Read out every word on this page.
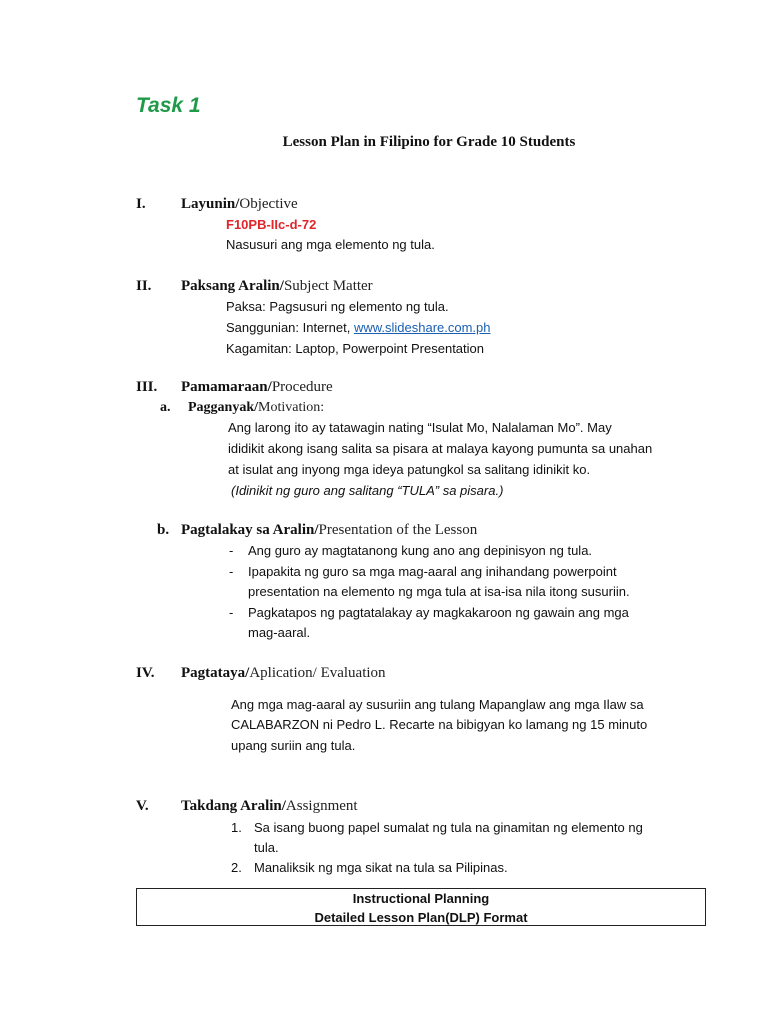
Task 1
Lesson Plan in Filipino for Grade 10 Students
I. Layunin/Objective
F10PB-IIc-d-72
Nasusuri ang mga elemento ng tula.
II. Paksang Aralin/Subject Matter
Paksa: Pagsusuri ng elemento ng tula.
Sanggunian: Internet, www.slideshare.com.ph
Kagamitan: Laptop, Powerpoint Presentation
III. Pamamaraan/Procedure
a. Pagganyak/Motivation:
Ang larong ito ay tatawagin nating “Isulat Mo, Nalalaman Mo”. May
ididikit akong isang salita sa pisara at malaya kayong pumunta sa unahan
at isulat ang inyong mga ideya patungkol sa salitang idinikit ko.
(Idinikit ng guro ang salitang “TULA” sa pisara.)
b. Pagtalakay sa Aralin/Presentation of the Lesson
- Ang guro ay magtatanong kung ano ang depinisyon ng tula.
- Ipapakita ng guro sa mga mag-aaral ang inihandang powerpoint
presentation na elemento ng mga tula at isa-isa nila itong susuriin.
- Pagkatapos ng pagtatalakay ay magkakaroon ng gawain ang mga
mag-aaral.
IV. Pagtataya/Aplication/ Evaluation
Ang mga mag-aaral ay susuriin ang tulang Mapanglaw ang mga Ilaw sa
CALABARZON ni Pedro L. Recarte na bibigyan ko lamang ng 15 minuto
upang suriin ang tula.
V. Takdang Aralin/Assignment
1. Sa isang buong papel sumalat ng tula na ginamitan ng elemento ng
tula.
2. Manaliksik ng mga sikat na tula sa Pilipinas.
Instructional Planning
Detailed Lesson Plan(DLP) Format
